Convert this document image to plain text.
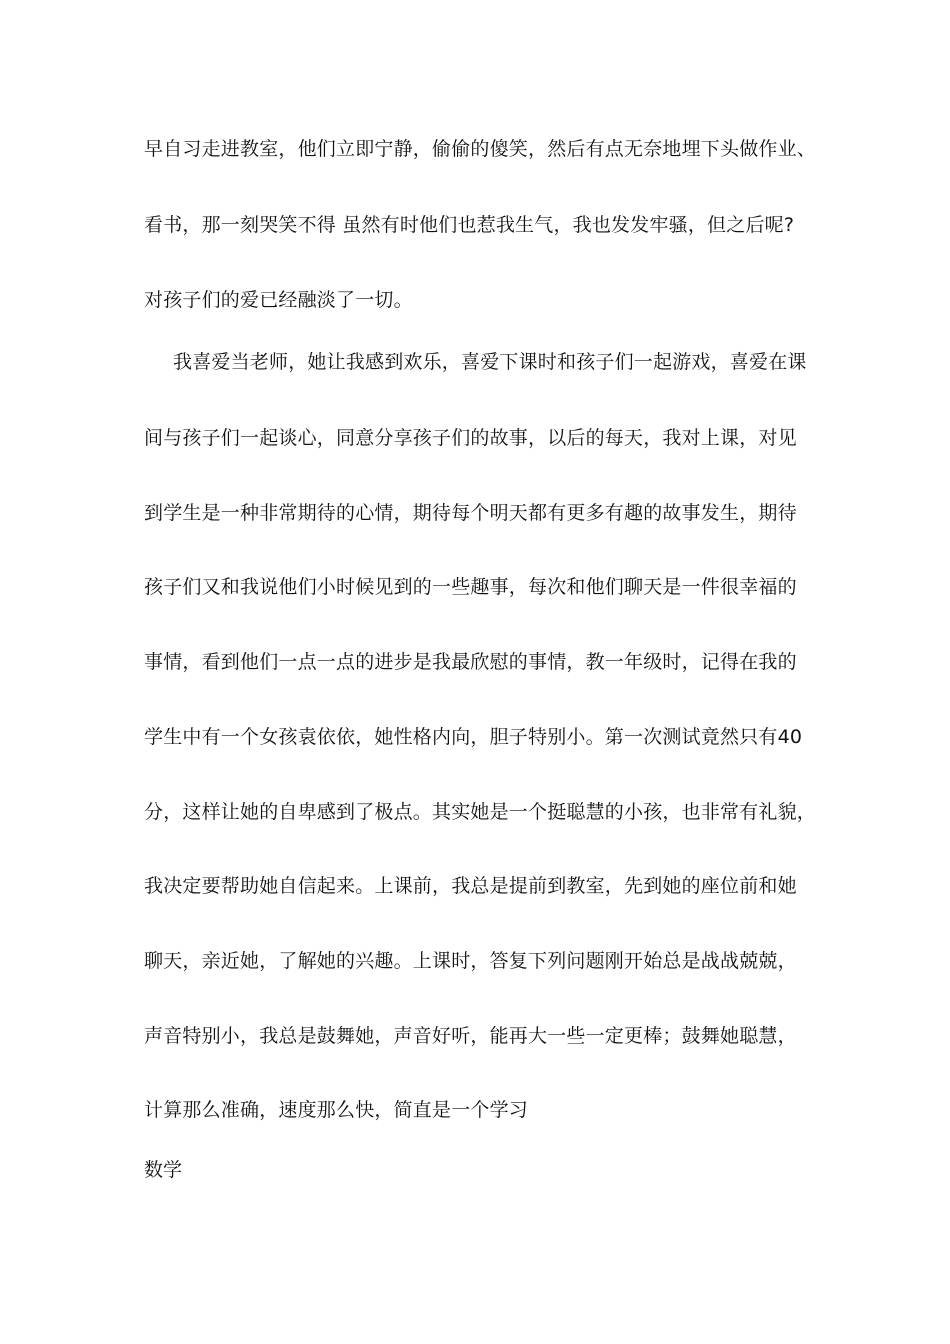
早自习走进教室，他们立即宁静，偷偷的傻笑，然后有点无奈地埋下头做作业、
看书，那一刻哭笑不得 虽然有时他们也惹我生气，我也发发牢骚，但之后呢?
对孩子们的爱已经融淡了一切。
我喜爱当老师，她让我感到欢乐，喜爱下课时和孩子们一起游戏，喜爱在课
间与孩子们一起谈心，同意分享孩子们的故事，以后的每天，我对上课，对见
到学生是一种非常期待的心情，期待每个明天都有更多有趣的故事发生，期待
孩子们又和我说他们小时候见到的一些趣事，每次和他们聊天是一件很幸福的
事情，看到他们一点一点的进步是我最欣慰的事情，教一年级时，记得在我的
学生中有一个女孩袁依依，她性格内向，胆子特别小。第一次测试竟然只有40
分，这样让她的自卑感到了极点。其实她是一个挺聪慧的小孩，也非常有礼貌，
我决定要帮助她自信起来。上课前，我总是提前到教室，先到她的座位前和她
聊天，亲近她，了解她的兴趣。上课时，答复下列问题刚开始总是战战兢兢，
声音特别小，我总是鼓舞她，声音好听，能再大一些一定更棒；鼓舞她聪慧，
计算那么准确，速度那么快，简直是一个学习
数学
